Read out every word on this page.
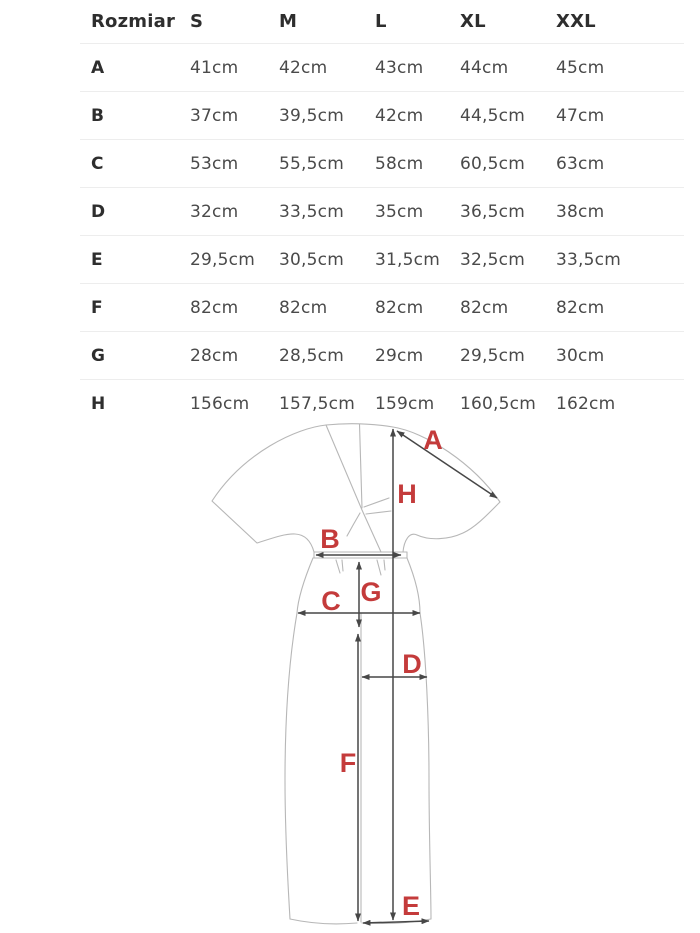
Rozmiar S	M	L	XL	XXL
A	41cm	42cm	43cm	44cm	45cm
B	37cm	39,5cm	42cm	44,5cm	47cm
C	53cm	55,5cm	58cm	60,5cm	63cm
D	32cm	33,5cm	35cm	36,5cm	38cm
E	29,5cm	30,5cm	31,5cm	32,5cm	33,5cm
F	82cm	82cm	82cm	82cm	82cm
G	28cm	28,5cm	29cm	29,5cm	30cm
H	156cm	157,5cm	159cm	160,5cm	162cm
A
B
C
D
E
F
G
H
